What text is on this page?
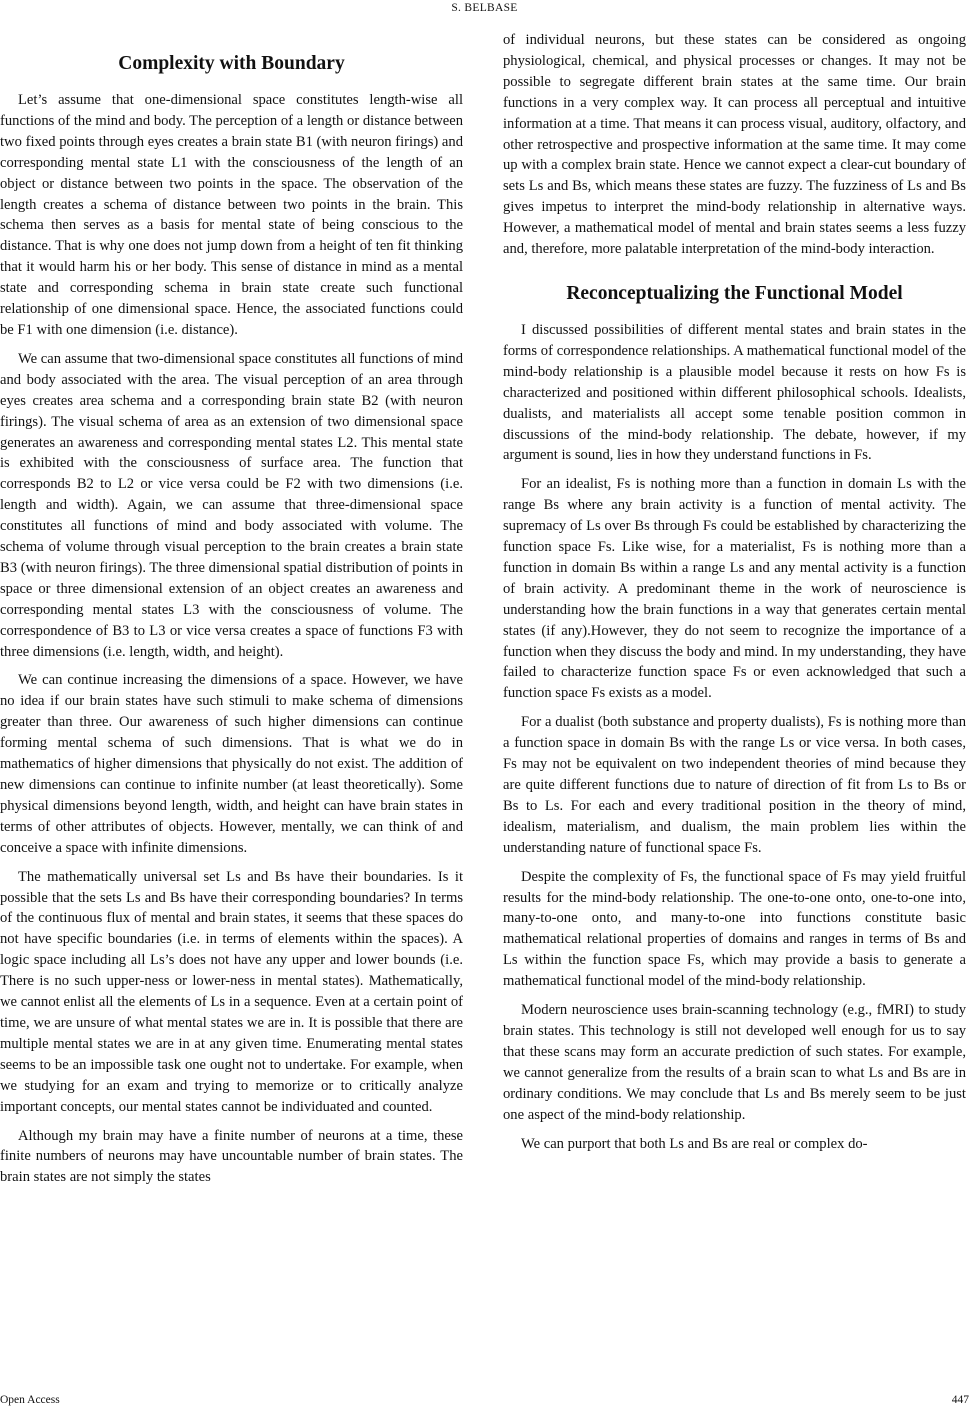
S. BELBASE
Complexity with Boundary

Let’s assume that one-dimensional space constitutes length-wise all functions of the mind and body. The perception of a length or distance between two fixed points through eyes creates a brain state B1 (with neuron firings) and corresponding mental state L1 with the consciousness of the length of an object or distance between two points in the space. The observation of the length creates a schema of distance between two points in the brain. This schema then serves as a basis for mental state of being conscious to the distance. That is why one does not jump down from a height of ten fit thinking that it would harm his or her body. This sense of distance in mind as a mental state and corresponding schema in brain state create such functional relationship of one dimensional space. Hence, the associated functions could be F1 with one dimension (i.e. distance).

We can assume that two-dimensional space constitutes all functions of mind and body associated with the area. The visual perception of an area through eyes creates area schema and a corresponding brain state B2 (with neuron firings). The visual schema of area as an extension of two dimensional space generates an awareness and corresponding mental states L2. This mental state is exhibited with the consciousness of surface area. The function that corresponds B2 to L2 or vice versa could be F2 with two dimensions (i.e. length and width). Again, we can assume that three-dimensional space constitutes all functions of mind and body associated with volume. The schema of volume through visual perception to the brain creates a brain state B3 (with neuron firings). The three dimensional spatial distribution of points in space or three dimensional extension of an object creates an awareness and corresponding mental states L3 with the consciousness of volume. The correspondence of B3 to L3 or vice versa creates a space of functions F3 with three dimensions (i.e. length, width, and height).

We can continue increasing the dimensions of a space. However, we have no idea if our brain states have such stimuli to make schema of dimensions greater than three. Our awareness of such higher dimensions can continue forming mental schema of such dimensions. That is what we do in mathematics of higher dimensions that physically do not exist. The addition of new dimensions can continue to infinite number (at least theoretically). Some physical dimensions beyond length, width, and height can have brain states in terms of other attributes of objects. However, mentally, we can think of and conceive a space with infinite dimensions.

The mathematically universal set Ls and Bs have their boundaries. Is it possible that the sets Ls and Bs have their corresponding boundaries? In terms of the continuous flux of mental and brain states, it seems that these spaces do not have specific boundaries (i.e. in terms of elements within the spaces). A logic space including all Ls’s does not have any upper and lower bounds (i.e. There is no such upper-ness or lower-ness in mental states). Mathematically, we cannot enlist all the elements of Ls in a sequence. Even at a certain point of time, we are unsure of what mental states we are in. It is possible that there are multiple mental states we are in at any given time. Enumerating mental states seems to be an impossible task one ought not to undertake. For example, when we studying for an exam and trying to memorize or to critically analyze important concepts, our mental states cannot be individuated and counted.

Although my brain may have a finite number of neurons at a time, these finite numbers of neurons may have uncountable number of brain states. The brain states are not simply the states

of individual neurons, but these states can be considered as ongoing physiological, chemical, and physical processes or changes. It may not be possible to segregate different brain states at the same time. Our brain functions in a very complex way. It can process all perceptual and intuitive information at a time. That means it can process visual, auditory, olfactory, and other retrospective and prospective information at the same time. It may come up with a complex brain state. Hence we cannot expect a clear-cut boundary of sets Ls and Bs, which means these states are fuzzy. The fuzziness of Ls and Bs gives impetus to interpret the mind-body relationship in alternative ways. However, a mathematical model of mental and brain states seems a less fuzzy and, therefore, more palatable interpretation of the mind-body interaction.

Reconceptualizing the Functional Model

I discussed possibilities of different mental states and brain states in the forms of correspondence relationships. A mathematical functional model of the mind-body relationship is a plausible model because it rests on how Fs is characterized and positioned within different philosophical schools. Idealists, dualists, and materialists all accept some tenable position common in discussions of the mind-body relationship. The debate, however, if my argument is sound, lies in how they understand functions in Fs.

For an idealist, Fs is nothing more than a function in domain Ls with the range Bs where any brain activity is a function of mental activity. The supremacy of Ls over Bs through Fs could be established by characterizing the function space Fs. Like wise, for a materialist, Fs is nothing more than a function in domain Bs within a range Ls and any mental activity is a function of brain activity. A predominant theme in the work of neuroscience is understanding how the brain functions in a way that generates certain mental states (if any).However, they do not seem to recognize the importance of a function when they discuss the body and mind. In my understanding, they have failed to characterize function space Fs or even acknowledged that such a function space Fs exists as a model.

For a dualist (both substance and property dualists), Fs is nothing more than a function space in domain Bs with the range Ls or vice versa. In both cases, Fs may not be equivalent on two independent theories of mind because they are quite different functions due to nature of direction of fit from Ls to Bs or Bs to Ls. For each and every traditional position in the theory of mind, idealism, materialism, and dualism, the main problem lies within the understanding nature of functional space Fs.

Despite the complexity of Fs, the functional space of Fs may yield fruitful results for the mind-body relationship. The one-to-one onto, one-to-one into, many-to-one onto, and many-to-one into functions constitute basic mathematical relational properties of domains and ranges in terms of Bs and Ls within the function space Fs, which may provide a basis to generate a mathematical functional model of the mind-body relationship.

Modern neuroscience uses brain-scanning technology (e.g., fMRI) to study brain states. This technology is still not developed well enough for us to say that these scans may form an accurate prediction of such states. For example, we cannot generalize from the results of a brain scan to what Ls and Bs are in ordinary conditions. We may conclude that Ls and Bs merely seem to be just one aspect of the mind-body relationship.

We can purport that both Ls and Bs are real or complex do-

Open Access	447
